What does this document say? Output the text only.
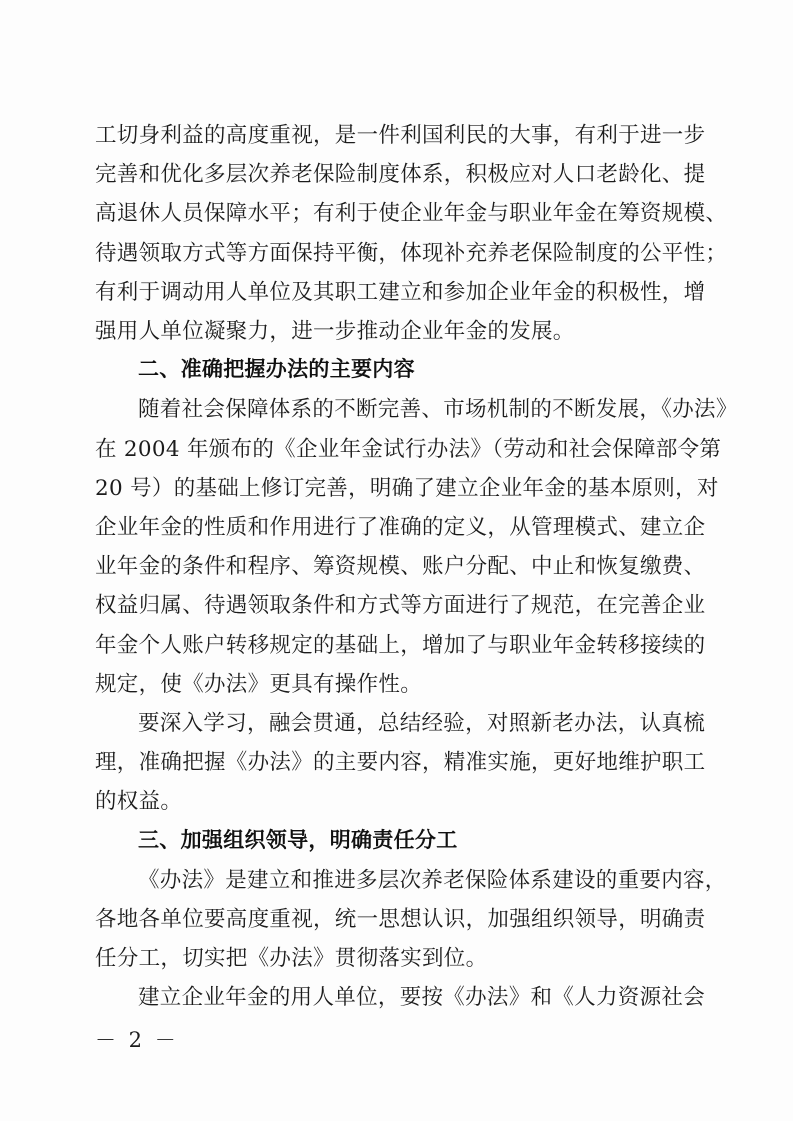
工切身利益的高度重视，是一件利国利民的大事，有利于进一步
完善和优化多层次养老保险制度体系，积极应对人口老龄化、提
高退休人员保障水平；有利于使企业年金与职业年金在筹资规模、
待遇领取方式等方面保持平衡，体现补充养老保险制度的公平性；
有利于调动用人单位及其职工建立和参加企业年金的积极性，增
强用人单位凝聚力，进一步推动企业年金的发展。
二、准确把握办法的主要内容
随着社会保障体系的不断完善、市场机制的不断发展，《办法》
在 2004 年颁布的《企业年金试行办法》（劳动和社会保障部令第
20 号）的基础上修订完善，明确了建立企业年金的基本原则，对
企业年金的性质和作用进行了准确的定义，从管理模式、建立企
业年金的条件和程序、筹资规模、账户分配、中止和恢复缴费、
权益归属、待遇领取条件和方式等方面进行了规范，在完善企业
年金个人账户转移规定的基础上，增加了与职业年金转移接续的
规定，使《办法》更具有操作性。
要深入学习，融会贯通，总结经验，对照新老办法，认真梳
理，准确把握《办法》的主要内容，精准实施，更好地维护职工
的权益。
三、加强组织领导，明确责任分工
《办法》是建立和推进多层次养老保险体系建设的重要内容，
各地各单位要高度重视，统一思想认识，加强组织领导，明确责
任分工，切实把《办法》贯彻落实到位。
建立企业年金的用人单位，要按《办法》和《人力资源社会
－ 2 －
